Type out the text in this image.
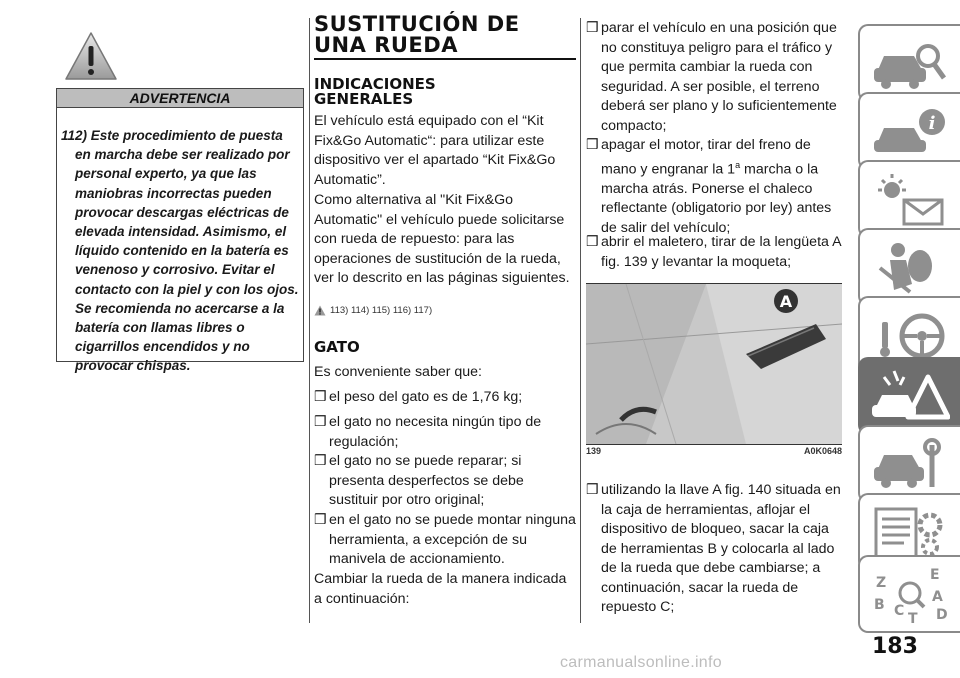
ADVERTENCIA

112) Este procedimiento de puesta en marcha debe ser realizado por personal experto, ya que las maniobras incorrectas pueden provocar descargas eléctricas de elevada intensidad. Asimismo, el líquido contenido en la batería es venenoso y corrosivo. Evitar el contacto con la piel y con los ojos. Se recomienda no acercarse a la batería con llamas libres o cigarrillos encendidos y no provocar chispas.

SUSTITUCIÓN DE UNA RUEDA
INDICACIONES GENERALES
El vehículo está equipado con el “Kit Fix&Go Automatic“: para utilizar este dispositivo ver el apartado “Kit Fix&Go Automatic”.
Como alternativa al "Kit Fix&Go Automatic" el vehículo puede solicitarse con rueda de repuesto: para las operaciones de sustitución de la rueda, ver lo descrito en las páginas siguientes.
113) 114) 115) 116) 117)
GATO
Es conveniente saber que:
❒ el peso del gato es de 1,76 kg;
❒ el gato no necesita ningún tipo de regulación;
❒ el gato no se puede reparar; si presenta desperfectos se debe sustituir por otro original;
❒ en el gato no se puede montar ninguna herramienta, a excepción de su manivela de accionamiento.
Cambiar la rueda de la manera indicada a continuación:
❒ parar el vehículo en una posición que no constituya peligro para el tráfico y que permita cambiar la rueda con seguridad. A ser posible, el terreno deberá ser plano y lo suficientemente compacto;
❒ apagar el motor, tirar del freno de mano y engranar la 1$^a$ marcha o la marcha atrás. Ponerse el chaleco reflectante (obligatorio por ley) antes de salir del vehículo;
❒ abrir el maletero, tirar de la lengüeta A fig. 139 y levantar la moqueta;
A
139	A0K0648
❒ utilizando la llave A fig. 140 situada en la caja de herramientas, aflojar el dispositivo de bloqueo, sacar la caja de herramientas B y colocarla al lado de la rueda que debe cambiarse; a continuación, sacar la rueda de repuesto C;
i
Z	E
A
B C T D
183
carmanualsonline.info
